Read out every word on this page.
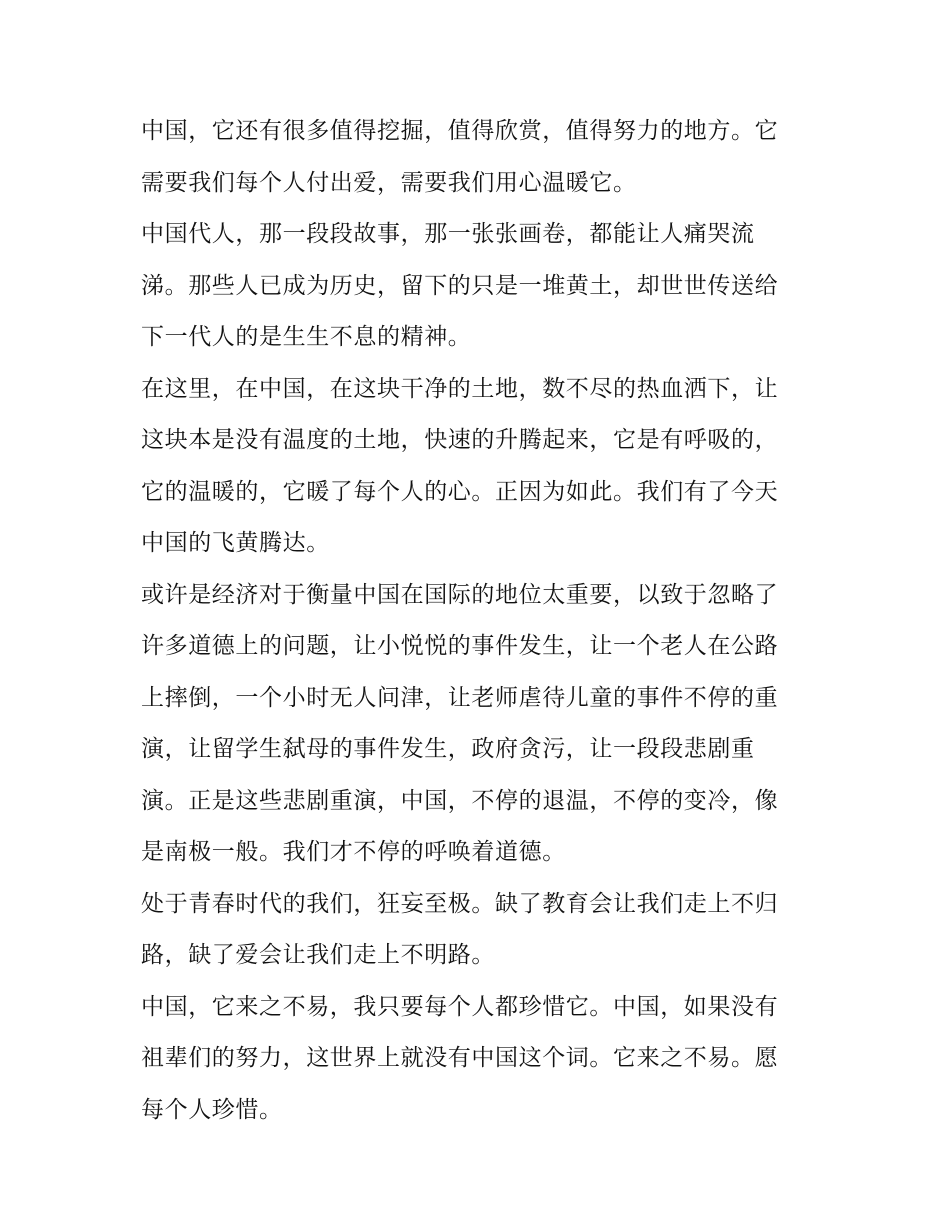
中国，它还有很多值得挖掘，值得欣赏，值得努力的地方。它
需要我们每个人付出爱，需要我们用心温暖它。

中国代人，那一段段故事，那一张张画卷，都能让人痛哭流
涕。那些人已成为历史，留下的只是一堆黄土，却世世传送给
下一代人的是生生不息的精神。

在这里，在中国，在这块干净的土地，数不尽的热血洒下，让
这块本是没有温度的土地，快速的升腾起来，它是有呼吸的，
它的温暖的，它暖了每个人的心。正因为如此。我们有了今天
中国的飞黄腾达。

或许是经济对于衡量中国在国际的地位太重要，以致于忽略了
许多道德上的问题，让小悦悦的事件发生，让一个老人在公路
上摔倒，一个小时无人问津，让老师虐待儿童的事件不停的重
演，让留学生弑母的事件发生，政府贪污，让一段段悲剧重
演。正是这些悲剧重演，中国，不停的退温，不停的变冷，像
是南极一般。我们才不停的呼唤着道德。

处于青春时代的我们，狂妄至极。缺了教育会让我们走上不归
路，缺了爱会让我们走上不明路。

中国，它来之不易，我只要每个人都珍惜它。中国，如果没有
祖辈们的努力，这世界上就没有中国这个词。它来之不易。愿
每个人珍惜。
